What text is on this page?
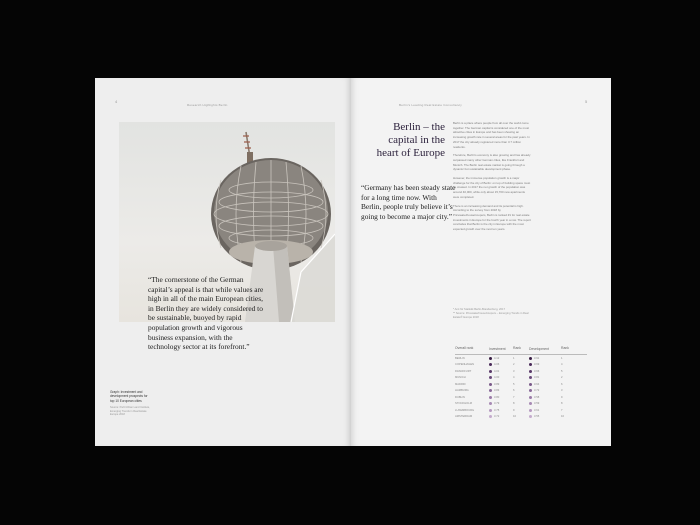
4
Research Highlights Berlin
“The cornerstone of the German capital’s appeal is that while values are high in all of the main European cities, in Berlin they are widely considered to be sustainable, buoyed by rapid population growth and vigorous business expansion, with the technology sector at its forefront.”
Graph: Investment and development prospects for top 10 European cities
Source: PwC/Urban Land Institute, Emerging Trends in Real Estate Europe 2018
Berlin’s Leading Real Estate Consultancy
5
Berlin – the capital in the heart of Europe
“Germany has been steady state for a long time now. With Berlin, people truly believe it’s going to become a major city.”

Berlin is a place where people from all over the world come together. The German capital is considered one of the most attractive cities in Europe and has been showing an increasing growth rate in several areas for the past years. In 2017 the city already registered more than 3.7 million residents.

Therefore, Berlin’s economy is also growing and has already surpassed many other German cities, like Frankfurt and Munich. The Berlin real estate market is going through a dynamic but sustainable development phase.

However, the immense population growth is a major challenge for the city of Berlin: on top of building space must be created. In 2017 the net growth of the population was around 40,000, while only about 15,700 new apartments were completed.

There is an increasing demand and its potential is high. According to the survey from 2018 by PricewaterhouseCoopers, Berlin is ranked #1 for real estate investments in Europe for the fourth year in a row. The report concludes that Berlin is the city in Europe with the most expected growth over the next ten years.

* Amt für Statistik Berlin-Brandenburg, 2017
** Source: PricewaterhouseCoopers – Emerging Trends in Real Estate® Europe 2018
Overall rank	Investment	Rank	Development	Rank
BERLIN	4.12	1	3.91	1
COPENHAGEN	4.06	2	3.69	4
FRANKFURT	4.01	3	3.66	5
MUNICH	4.00	4	3.81	2
MADRID	3.89	5	3.64	6
HAMBURG	3.83	6	3.72	3
DUBLIN	3.80	7	3.58	9
STOCKHOLM	3.79	8	3.59	8
LUXEMBOURG	3.75	9	3.61	7
AMSTERDAM	3.72	10	3.55	10
